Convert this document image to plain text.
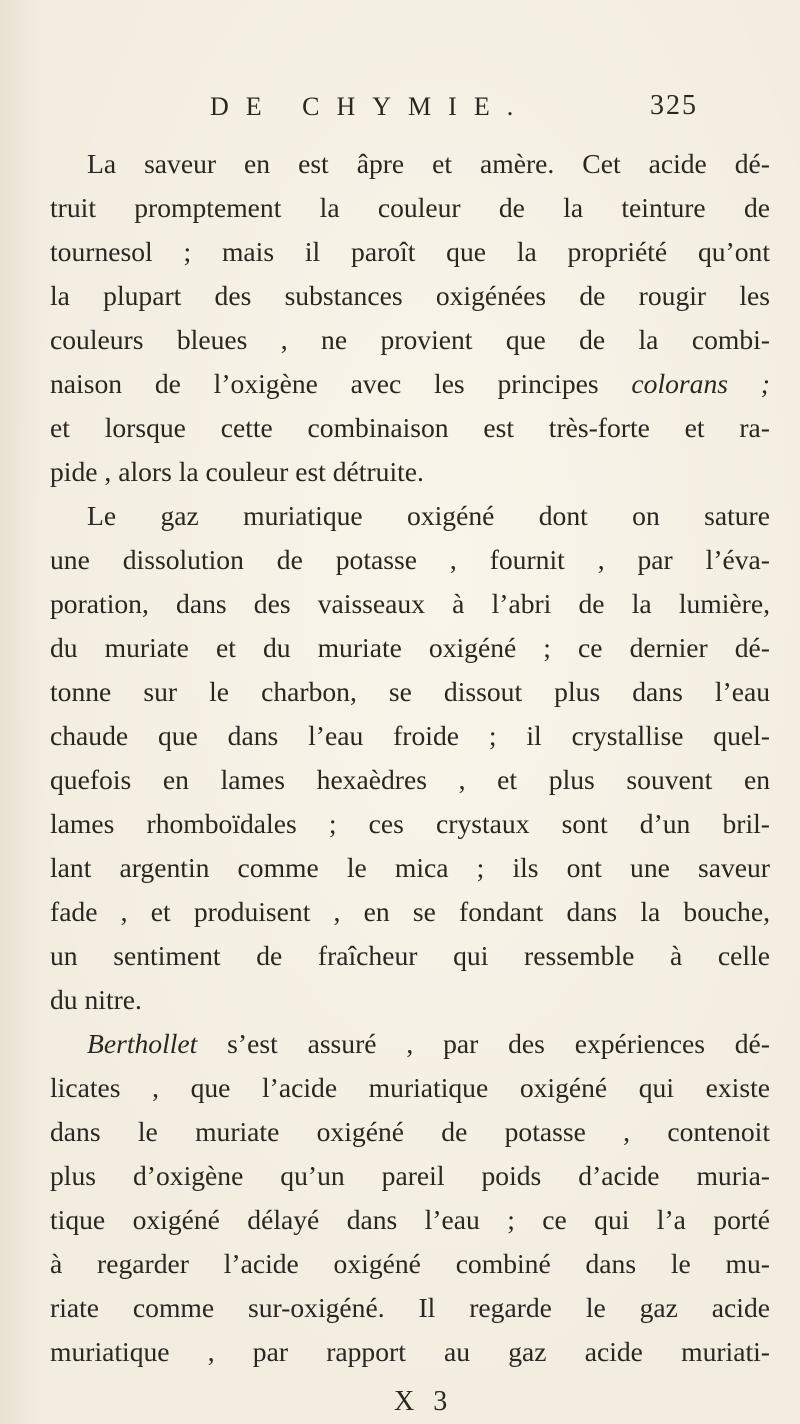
DE CHYMIE.	325
La saveur en est âpre et amère. Cet acide dé-
truit promptement la couleur de la teinture de
tournesol ; mais il paroît que la propriété qu’ont
la plupart des substances oxigénées de rougir les
couleurs bleues , ne provient que de la combi-
naison de l’oxigène avec les principes colorans ;
et lorsque cette combinaison est très-forte et ra-
pide , alors la couleur est détruite.
Le gaz muriatique oxigéné dont on sature
une dissolution de potasse , fournit , par l’éva-
poration, dans des vaisseaux à l’abri de la lumière,
du muriate et du muriate oxigéné ; ce dernier dé-
tonne sur le charbon, se dissout plus dans l’eau
chaude que dans l’eau froide ; il crystallise quel-
quefois en lames hexaèdres , et plus souvent en
lames rhomboïdales ; ces crystaux sont d’un bril-
lant argentin comme le mica ; ils ont une saveur
fade , et produisent , en se fondant dans la bouche,
un sentiment de fraîcheur qui ressemble à celle
du nitre.
Berthollet s’est assuré , par des expériences dé-
licates , que l’acide muriatique oxigéné qui existe
dans le muriate oxigéné de potasse , contenoit
plus d’oxigène qu’un pareil poids d’acide muria-
tique oxigéné délayé dans l’eau ; ce qui l’a porté
à regarder l’acide oxigéné combiné dans le mu-
riate comme sur-oxigéné. Il regarde le gaz acide
muriatique , par rapport au gaz acide muriati-
X 3
